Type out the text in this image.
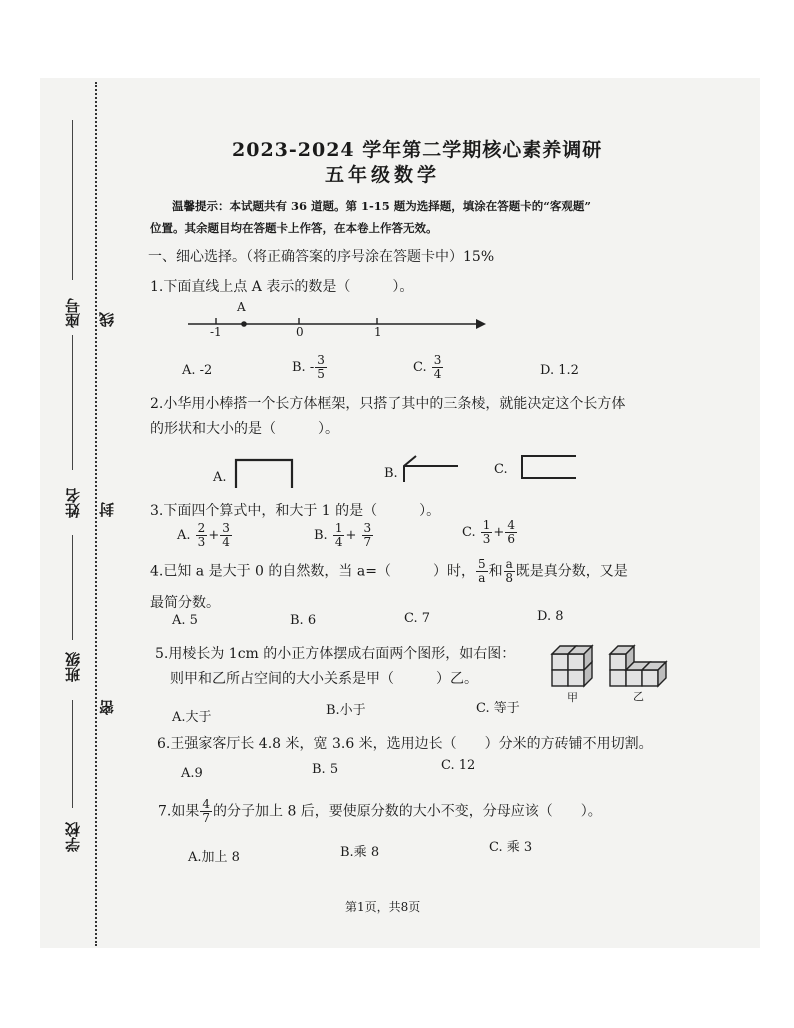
座号
姓名
班级
学校
线
封
密
2023-2024 学年第二学期核心素养调研
五年级数学
温馨提示：本试题共有 36 道题。第 1-15 题为选择题，填涂在答题卡的“客观题”
位置。其余题目均在答题卡上作答，在本卷上作答无效。
一、细心选择。（将正确答案的序号涂在答题卡中）15%
1.下面直线上点 A 表示的数是（　　　）。
A
-1	0	1
A. -2	B. - $\frac{3}{5}$	C. $\frac{3}{4}$	D. 1.2
2.小华用小棒搭一个长方体框架，只搭了其中的三条棱，就能决定这个长方体
的形状和大小的是（　　　）。
A.	B.	C.
3.下面四个算式中，和大于 1 的是（　　　）。
A. $\frac{2}{3} + \frac{3}{4}$	B. $\frac{1}{4} + \frac{3}{7}$	C. $\frac{1}{3} + \frac{4}{6}$
4.已知 a 是大于 0 的自然数，当 a=（　　　）时， $\frac{5}{a}$ 和 $\frac{a}{8}$ 既是真分数，又是
最简分数。
A. 5	B. 6	C. 7	D. 8
5.用棱长为 1cm 的小正方体摆成右面两个图形，如右图：
则甲和乙所占空间的大小关系是甲（　　　）乙。
甲	乙
A.大于	B.小于	C. 等于
6.王强家客厅长 4.8 米，宽 3.6 米，选用边长（　　）分米的方砖铺不用切割。
A.9	B. 5	C. 12
7.如果 $\frac{4}{7}$ 的分子加上 8 后，要使原分数的大小不变，分母应该（　　）。
A.加上 8	B.乘 8	C. 乘 3
第1页，共8页
